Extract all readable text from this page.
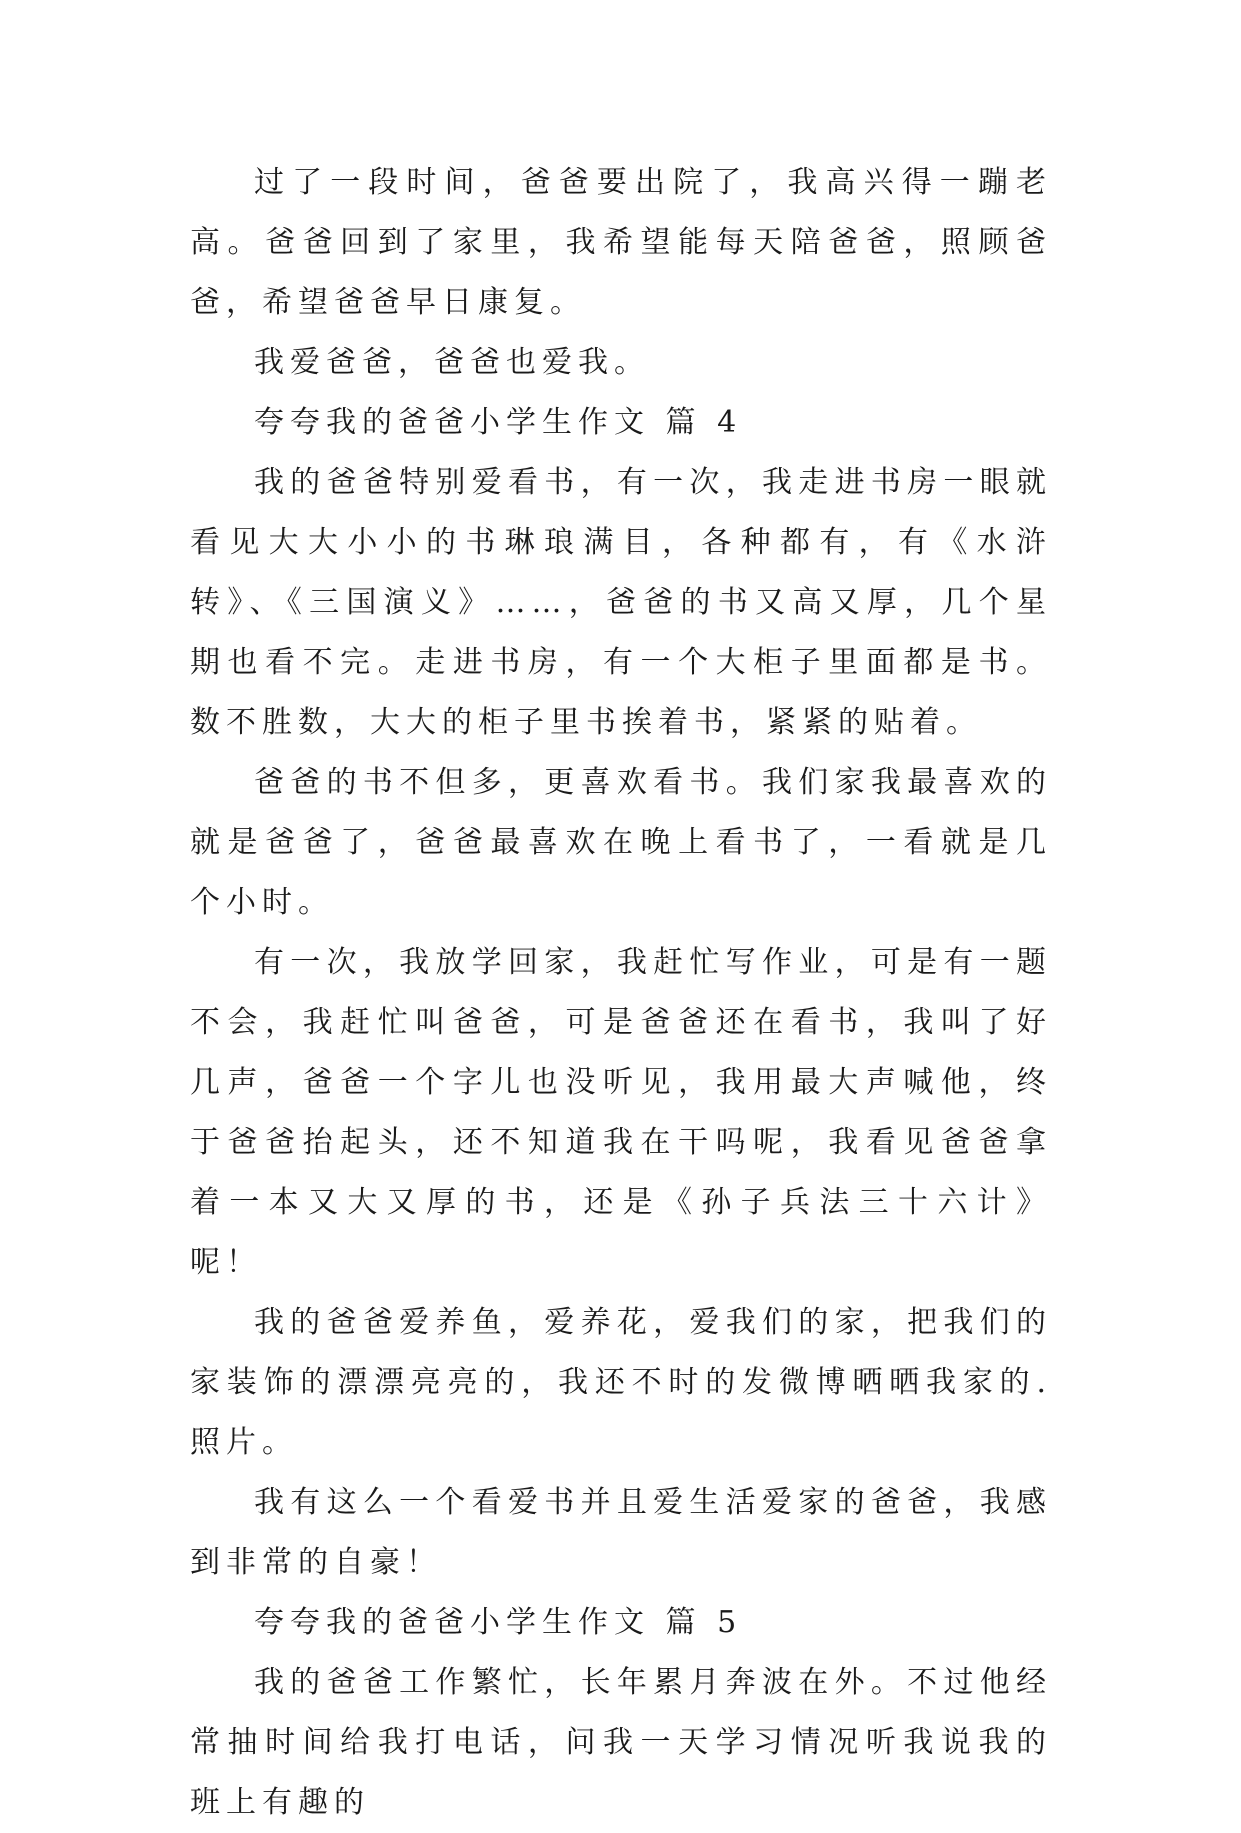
过了一段时间，爸爸要出院了，我高兴得一蹦老高。爸爸回到了家里，我希望能每天陪爸爸，照顾爸爸，希望爸爸早日康复。

我爱爸爸，爸爸也爱我。

夸夸我的爸爸小学生作文 篇 4

我的爸爸特别爱看书，有一次，我走进书房一眼就看见大大小小的书琳琅满目，各种都有，有《水浒转》、《三国演义》……，爸爸的书又高又厚，几个星期也看不完。走进书房，有一个大柜子里面都是书。数不胜数，大大的柜子里书挨着书，紧紧的贴着。

爸爸的书不但多，更喜欢看书。我们家我最喜欢的就是爸爸了，爸爸最喜欢在晚上看书了，一看就是几个小时。

有一次，我放学回家，我赶忙写作业，可是有一题不会，我赶忙叫爸爸，可是爸爸还在看书，我叫了好几声，爸爸一个字儿也没听见，我用最大声喊他，终于爸爸抬起头，还不知道我在干吗呢，我看见爸爸拿着一本又大又厚的书，还是《孙子兵法三十六计》呢！

我的爸爸爱养鱼，爱养花，爱我们的家，把我们的家装饰的漂漂亮亮的，我还不时的发微博晒晒我家的.照片。

我有这么一个看爱书并且爱生活爱家的爸爸，我感到非常的自豪！

夸夸我的爸爸小学生作文 篇 5

我的爸爸工作繁忙，长年累月奔波在外。不过他经常抽时间给我打电话，问我一天学习情况听我说我的班上有趣的
